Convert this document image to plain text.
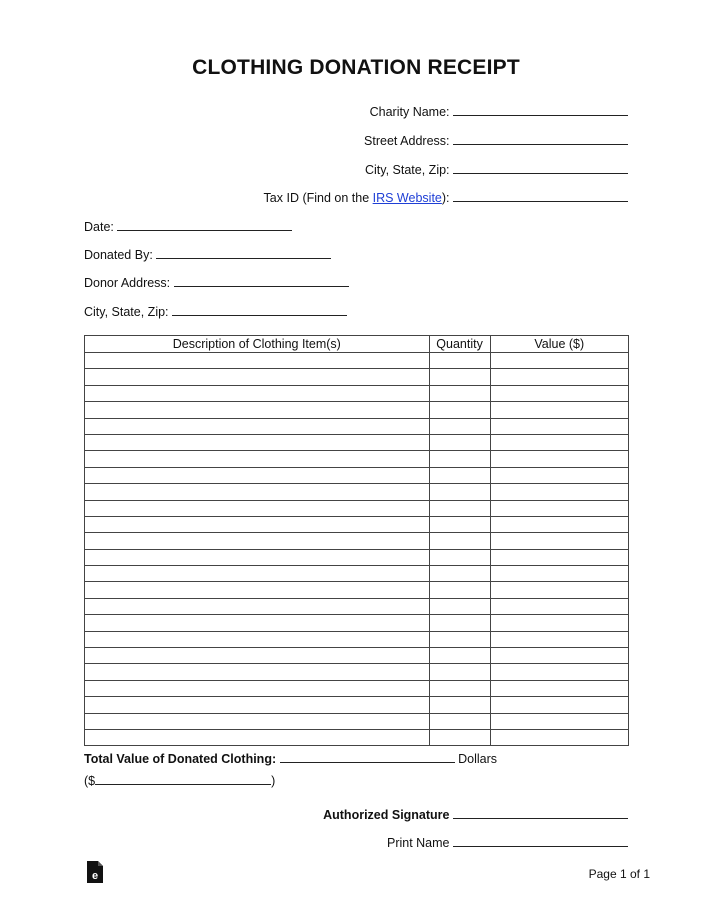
CLOTHING DONATION RECEIPT
Charity Name:
Street Address:
City, State, Zip:
Tax ID (Find on the IRS Website):
Date:
Donated By:
Donor Address:
City, State, Zip:
Description of Clothing Item(s)	Quantity	Value ($)

Total Value of Donated Clothing:	Dollars
($	)
Authorized Signature
Print Name
e	Page 1 of 1
